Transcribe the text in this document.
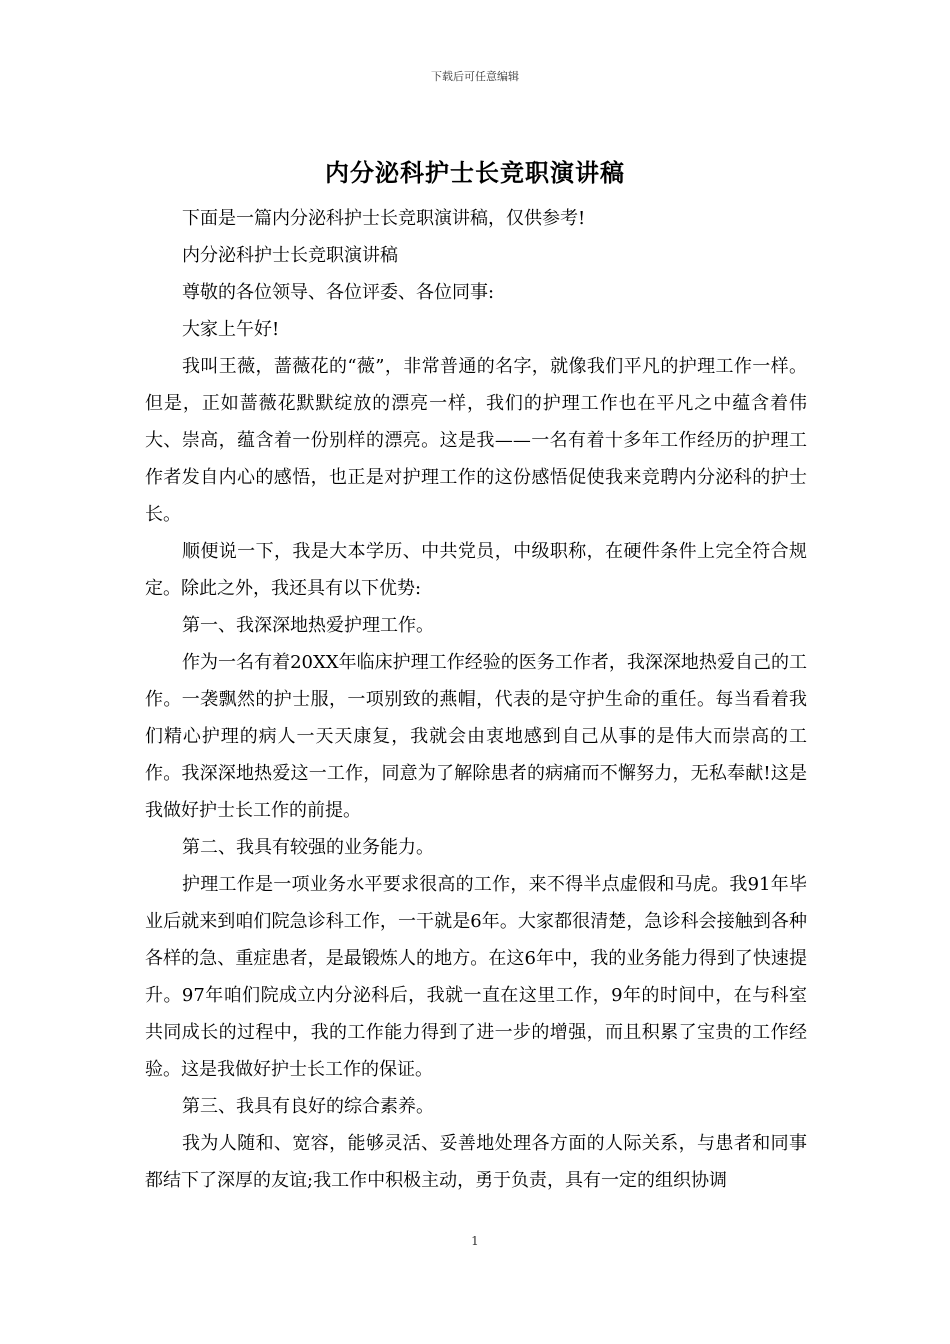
下载后可任意编辑
内分泌科护士长竞职演讲稿

下面是一篇内分泌科护士长竞职演讲稿，仅供参考!

内分泌科护士长竞职演讲稿

尊敬的各位领导、各位评委、各位同事:

大家上午好!

我叫王薇，蔷薇花的“薇”，非常普通的名字，就像我们平凡的护理工作一样。但是，正如蔷薇花默默绽放的漂亮一样，我们的护理工作也在平凡之中蕴含着伟大、崇高，蕴含着一份别样的漂亮。这是我——一名有着十多年工作经历的护理工作者发自内心的感悟，也正是对护理工作的这份感悟促使我来竞聘内分泌科的护士长。

顺便说一下，我是大本学历、中共党员，中级职称，在硬件条件上完全符合规定。除此之外，我还具有以下优势:

第一、我深深地热爱护理工作。

作为一名有着20XX年临床护理工作经验的医务工作者，我深深地热爱自己的工作。一袭飘然的护士服，一项别致的燕帽，代表的是守护生命的重任。每当看着我们精心护理的病人一天天康复，我就会由衷地感到自己从事的是伟大而崇高的工作。我深深地热爱这一工作，同意为了解除患者的病痛而不懈努力，无私奉献!这是我做好护士长工作的前提。

第二、我具有较强的业务能力。

护理工作是一项业务水平要求很高的工作，来不得半点虚假和马虎。我91年毕业后就来到咱们院急诊科工作，一干就是6年。大家都很清楚，急诊科会接触到各种各样的急、重症患者，是最锻炼人的地方。在这6年中，我的业务能力得到了快速提升。97年咱们院成立内分泌科后，我就一直在这里工作，9年的时间中，在与科室共同成长的过程中，我的工作能力得到了进一步的增强，而且积累了宝贵的工作经验。这是我做好护士长工作的保证。

第三、我具有良好的综合素养。

我为人随和、宽容，能够灵活、妥善地处理各方面的人际关系，与患者和同事都结下了深厚的友谊;我工作中积极主动，勇于负责，具有一定的组织协调

1
